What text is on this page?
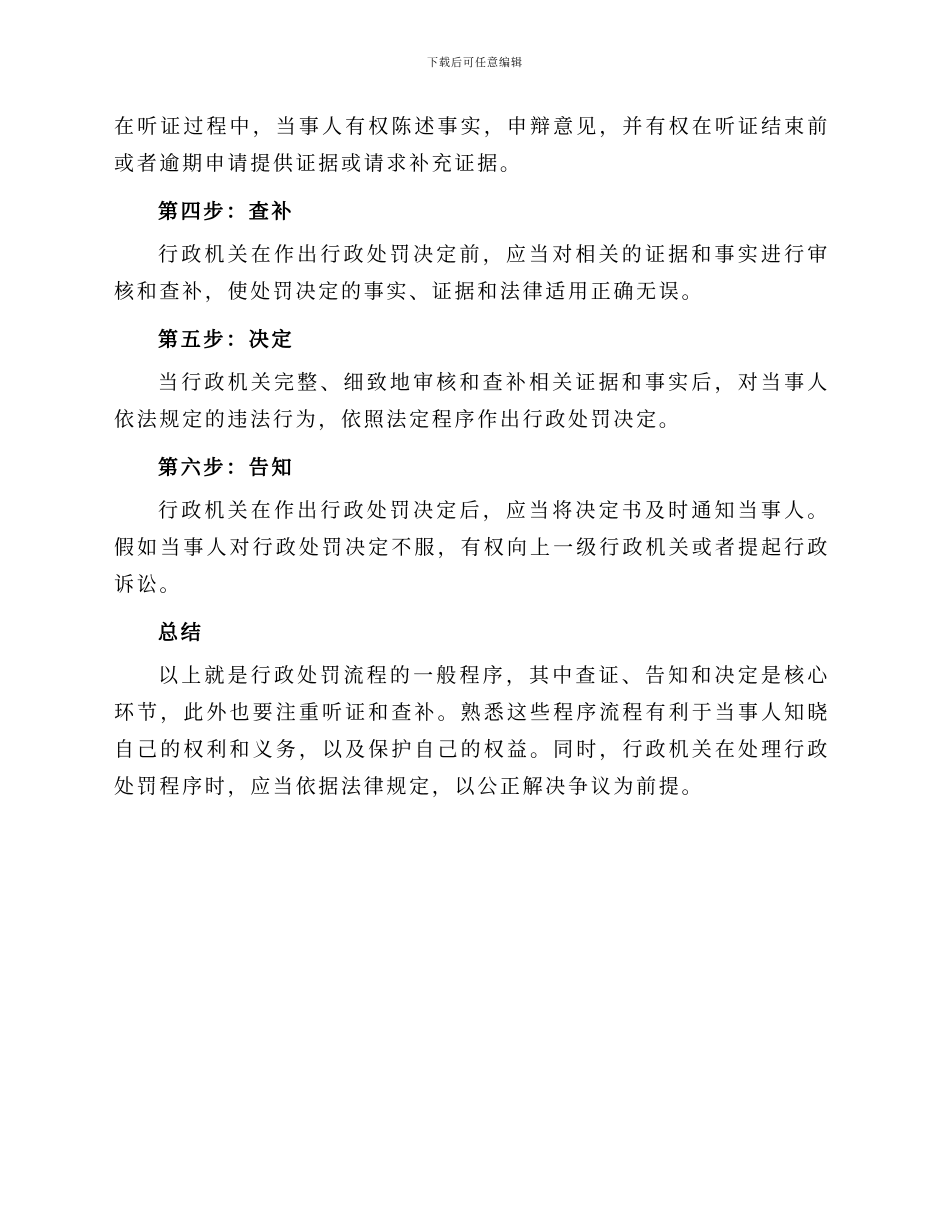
下载后可任意编辑

在听证过程中，当事人有权陈述事实，申辩意见，并有权在听证结束前或者逾期申请提供证据或请求补充证据。

第四步：查补

行政机关在作出行政处罚决定前，应当对相关的证据和事实进行审核和查补，使处罚决定的事实、证据和法律适用正确无误。

第五步：决定

当行政机关完整、细致地审核和查补相关证据和事实后，对当事人依法规定的违法行为，依照法定程序作出行政处罚决定。

第六步：告知

行政机关在作出行政处罚决定后，应当将决定书及时通知当事人。假如当事人对行政处罚决定不服，有权向上一级行政机关或者提起行政诉讼。

总结

以上就是行政处罚流程的一般程序，其中查证、告知和决定是核心环节，此外也要注重听证和查补。熟悉这些程序流程有利于当事人知晓自己的权利和义务，以及保护自己的权益。同时，行政机关在处理行政处罚程序时，应当依据法律规定，以公正解决争议为前提。
